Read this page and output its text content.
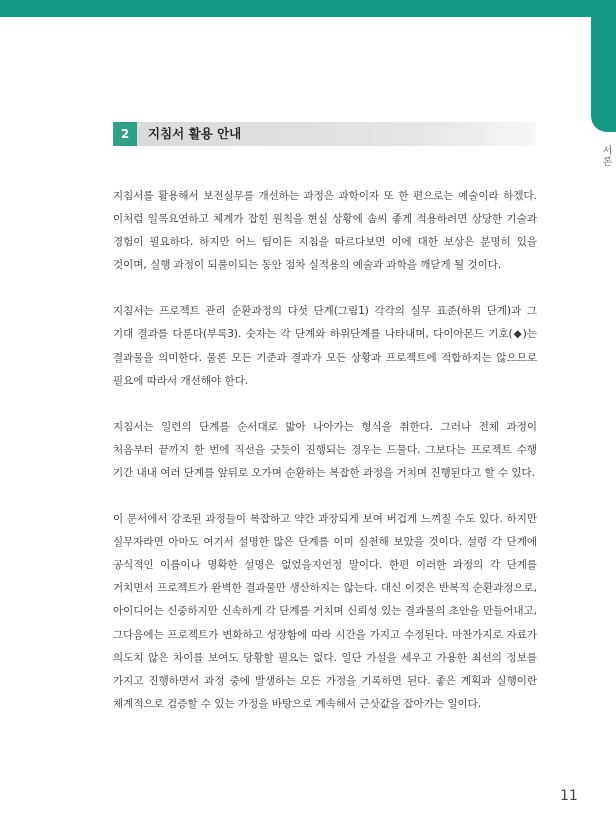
서론
2	지침서 활용 안내

지침서를 활용해서 보전실무를 개선하는 과정은 과학이자 또 한 편으로는 예술이라 하겠다. 이처럼 일목요연하고 체계가 잡힌 원칙을 현실 상황에 솜씨 좋게 적용하려면 상당한 기술과 경험이 필요하다. 하지만 어느 팀이든 지침을 따르다보면 이에 대한 보상은 분명히 있을 것이며, 실행 과정이 되풀이되는 동안 점차 실적용의 예술과 과학을 깨닫게 될 것이다.

지침서는 프로젝트 관리 순환과정의 다섯 단계(그림1) 각각의 실무 표준(하위 단계)과 그 기대 결과를 다룬다(부록3). 숫자는 각 단계와 하위단계를 나타내며, 다이아몬드 기호(◆)는 결과물을 의미한다. 물론 모든 기준과 결과가 모든 상황과 프로젝트에 적합하지는 않으므로 필요에 따라서 개선해야 한다.

지침서는 일련의 단계를 순서대로 밟아 나아가는 형식을 취한다. 그러나 전체 과정이 처음부터 끝까지 한 번에 직선을 긋듯이 진행되는 경우는 드물다. 그보다는 프로젝트 수행 기간 내내 여러 단계를 앞뒤로 오가며 순환하는 복잡한 과정을 거치며 진행된다고 할 수 있다.

이 문서에서 강조된 과정들이 복잡하고 약간 과장되게 보여 버겁게 느껴질 수도 있다. 하지만 실무자라면 아마도 여기서 설명한 많은 단계를 이미 실천해 보았을 것이다. 설령 각 단계에 공식적인 이름이나 명확한 설명은 없었을지언정 말이다. 한편 이러한 과정의 각 단계를 거치면서 프로젝트가 완벽한 결과물만 생산하지는 않는다. 대신 이것은 반복적 순환과정으로, 아이디어는 신중하지만 신속하게 각 단계를 거치며 신뢰성 있는 결과물의 초안을 만들어내고, 그다음에는 프로젝트가 변화하고 성장함에 따라 시간을 가지고 수정된다. 마찬가지로 자료가 의도치 않은 차이를 보여도 당황할 필요는 없다. 일단 가설을 세우고 가용한 최선의 정보를 가지고 진행하면서 과정 중에 발생하는 모든 가정을 기록하면 된다. 좋은 계획과 실행이란 체계적으로 검증할 수 있는 가정을 바탕으로 계속해서 근삿값을 잡아가는 일이다.

11
